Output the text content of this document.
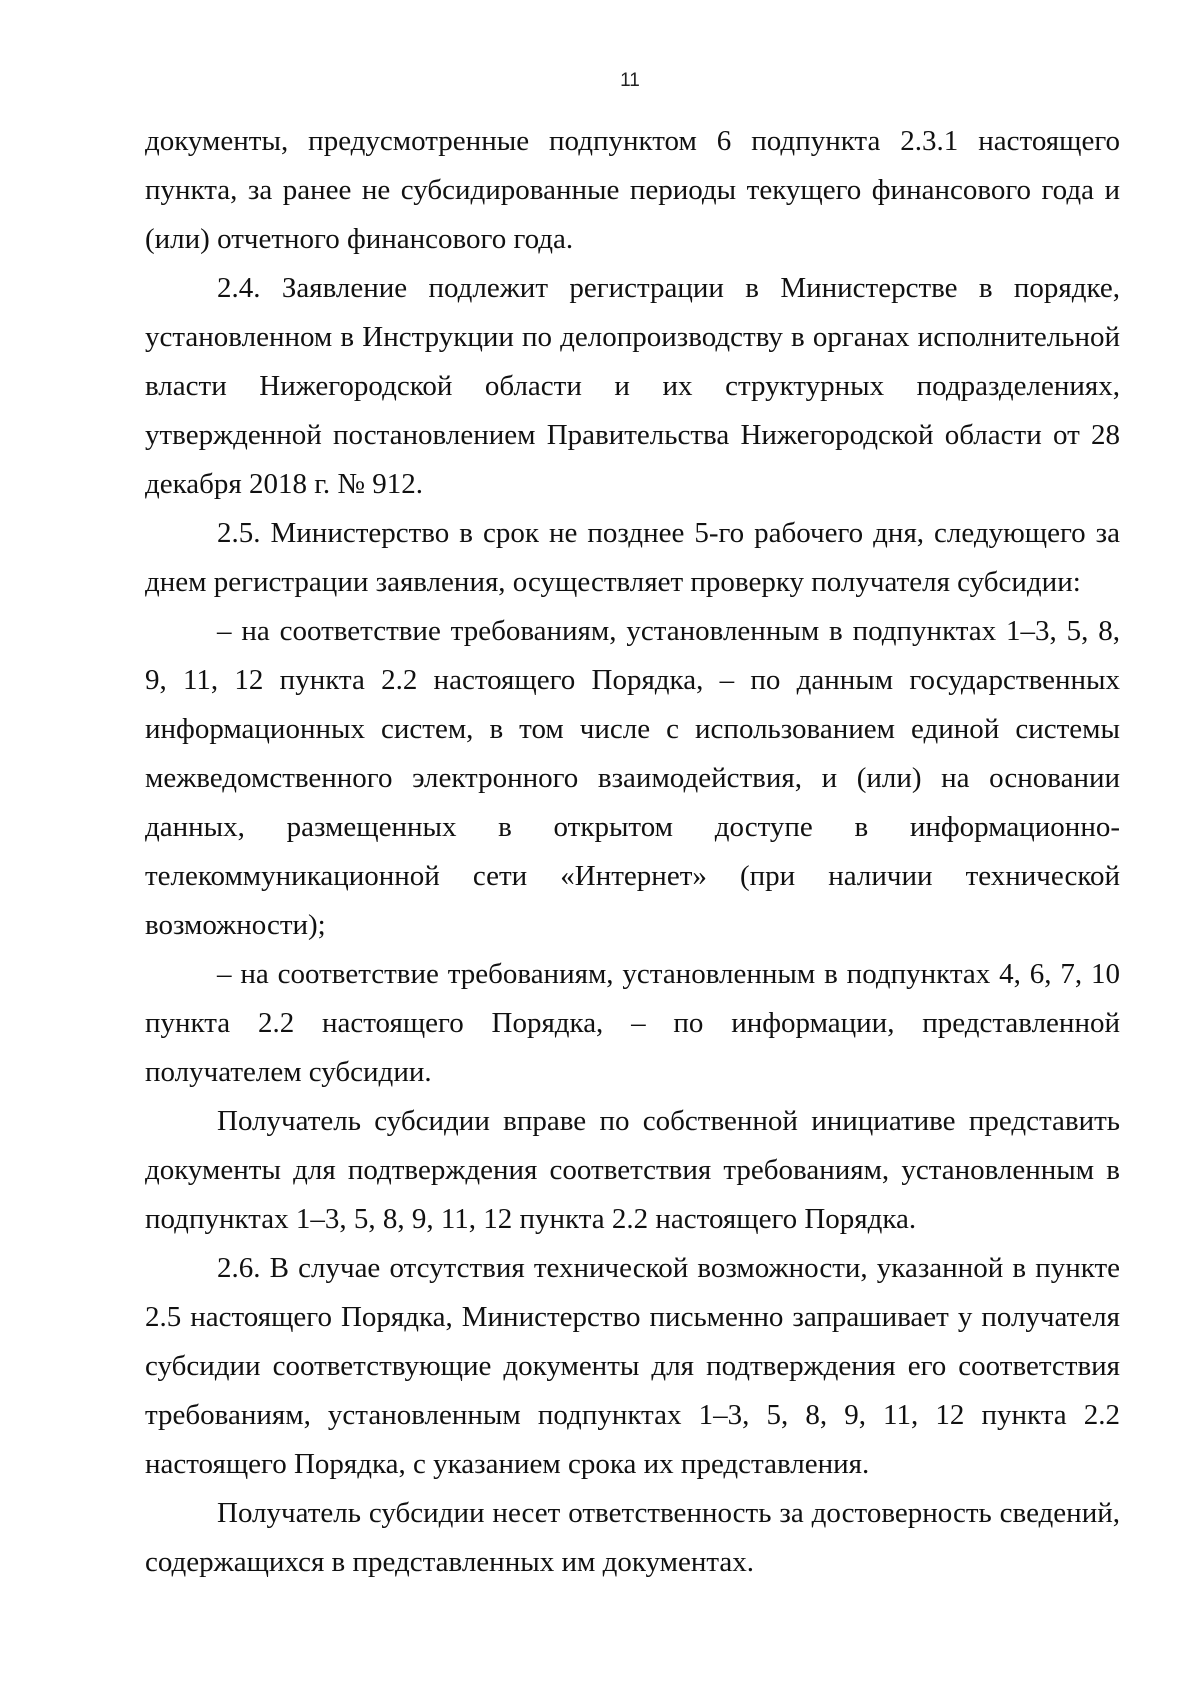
11

документы, предусмотренные подпунктом 6 подпункта 2.3.1 настоящего пункта, за ранее не субсидированные периоды текущего финансового года и (или) отчетного финансового года.

2.4. Заявление подлежит регистрации в Министерстве в порядке, установленном в Инструкции по делопроизводству в органах исполнительной власти Нижегородской области и их структурных подразделениях, утвержденной постановлением Правительства Нижегородской области от 28 декабря 2018 г. № 912.

2.5. Министерство в срок не позднее 5-го рабочего дня, следующего за днем регистрации заявления, осуществляет проверку получателя субсидии:

– на соответствие требованиям, установленным в подпунктах 1–3, 5, 8, 9, 11, 12 пункта 2.2 настоящего Порядка, – по данным государственных информационных систем, в том числе с использованием единой системы межведомственного электронного взаимодействия, и (или) на основании данных, размещенных в открытом доступе в информационно-телекоммуникационной сети «Интернет» (при наличии технической возможности);

– на соответствие требованиям, установленным в подпунктах 4, 6, 7, 10 пункта 2.2 настоящего Порядка, – по информации, представленной получателем субсидии.

Получатель субсидии вправе по собственной инициативе представить документы для подтверждения соответствия требованиям, установленным в подпунктах 1–3, 5, 8, 9, 11, 12 пункта 2.2 настоящего Порядка.

2.6. В случае отсутствия технической возможности, указанной в пункте 2.5 настоящего Порядка, Министерство письменно запрашивает у получателя субсидии соответствующие документы для подтверждения его соответствия требованиям, установленным подпунктах 1–3, 5, 8, 9, 11, 12 пункта 2.2 настоящего Порядка, с указанием срока их представления.

Получатель субсидии несет ответственность за достоверность сведений, содержащихся в представленных им документах.
